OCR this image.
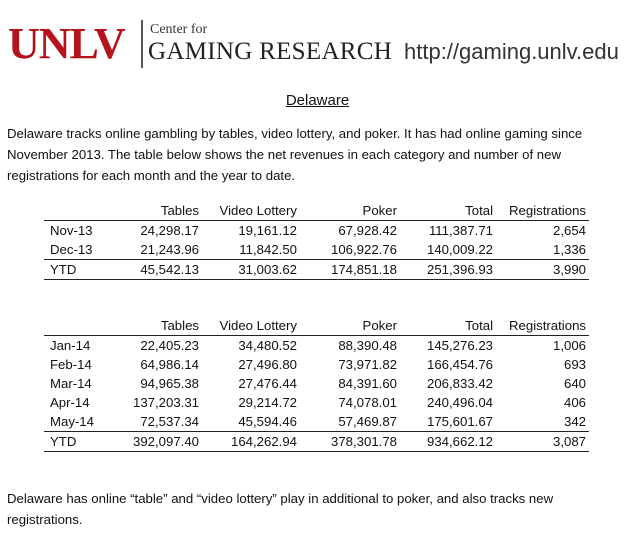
UNLV Center for
GAMING RESEARCH http://gaming.unlv.edu
Delaware
Delaware tracks online gambling by tables, video lottery, and poker. It has had online gaming since November 2013. The table below shows the net revenues in each category and number of new registrations for each month and the year to date.
	Tables	Video Lottery	Poker	Total	Registrations
Nov-13	24,298.17	19,161.12	67,928.42	111,387.71	2,654
Dec-13	21,243.96	11,842.50	106,922.76	140,009.22	1,336
YTD	45,542.13	31,003.62	174,851.18	251,396.93	3,990
	Tables	Video Lottery	Poker	Total	Registrations
Jan-14	22,405.23	34,480.52	88,390.48	145,276.23	1,006
Feb-14	64,986.14	27,496.80	73,971.82	166,454.76	693
Mar-14	94,965.38	27,476.44	84,391.60	206,833.42	640
Apr-14	137,203.31	29,214.72	74,078.01	240,496.04	406
May-14	72,537.34	45,594.46	57,469.87	175,601.67	342
YTD	392,097.40	164,262.94	378,301.78	934,662.12	3,087
Delaware has online “table” and “video lottery” play in additional to poker, and also tracks new registrations.
